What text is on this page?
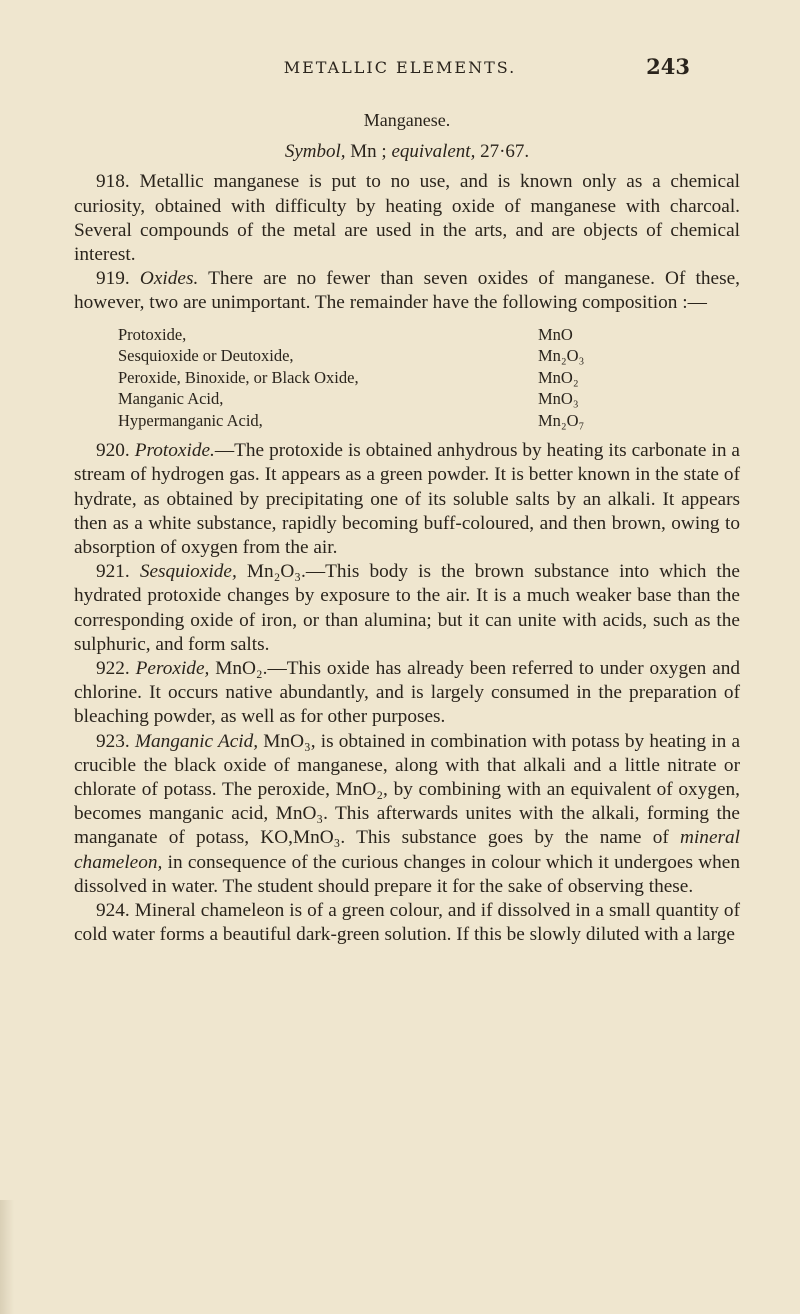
METALLIC ELEMENTS.	243
Manganese.
Symbol, Mn ; equivalent, 27·67.

918. Metallic manganese is put to no use, and is known only as a chemical curiosity, obtained with difficulty by heating oxide of manganese with charcoal. Several compounds of the metal are used in the arts, and are objects of chemical interest.

919. Oxides. There are no fewer than seven oxides of manganese. Of these, however, two are unimportant. The remainder have the following composition :—

Protoxide,	MnO
Sesquioxide or Deutoxide,	Mn₂O₃
Peroxide, Binoxide, or Black Oxide,	MnO₂
Manganic Acid,	MnO₃
Hypermanganic Acid,	Mn₂O₇

920. Protoxide.—The protoxide is obtained anhydrous by heating its carbonate in a stream of hydrogen gas. It appears as a green powder. It is better known in the state of hydrate, as obtained by precipitating one of its soluble salts by an alkali. It appears then as a white substance, rapidly becoming buff-coloured, and then brown, owing to absorption of oxygen from the air.

921. Sesquioxide, Mn₂O₃.—This body is the brown substance into which the hydrated protoxide changes by exposure to the air. It is a much weaker base than the corresponding oxide of iron, or than alumina; but it can unite with acids, such as the sulphuric, and form salts.

922. Peroxide, MnO₂.—This oxide has already been referred to under oxygen and chlorine. It occurs native abundantly, and is largely consumed in the preparation of bleaching powder, as well as for other purposes.

923. Manganic Acid, MnO₃, is obtained in combination with potass by heating in a crucible the black oxide of manganese, along with that alkali and a little nitrate or chlorate of potass. The peroxide, MnO₂, by combining with an equivalent of oxygen, becomes manganic acid, MnO₃. This afterwards unites with the alkali, forming the manganate of potass, KO,MnO₃. This substance goes by the name of mineral chameleon, in consequence of the curious changes in colour which it undergoes when dissolved in water. The student should prepare it for the sake of observing these.

924. Mineral chameleon is of a green colour, and if dissolved in a small quantity of cold water forms a beautiful dark-green solution. If this be slowly diluted with a large
